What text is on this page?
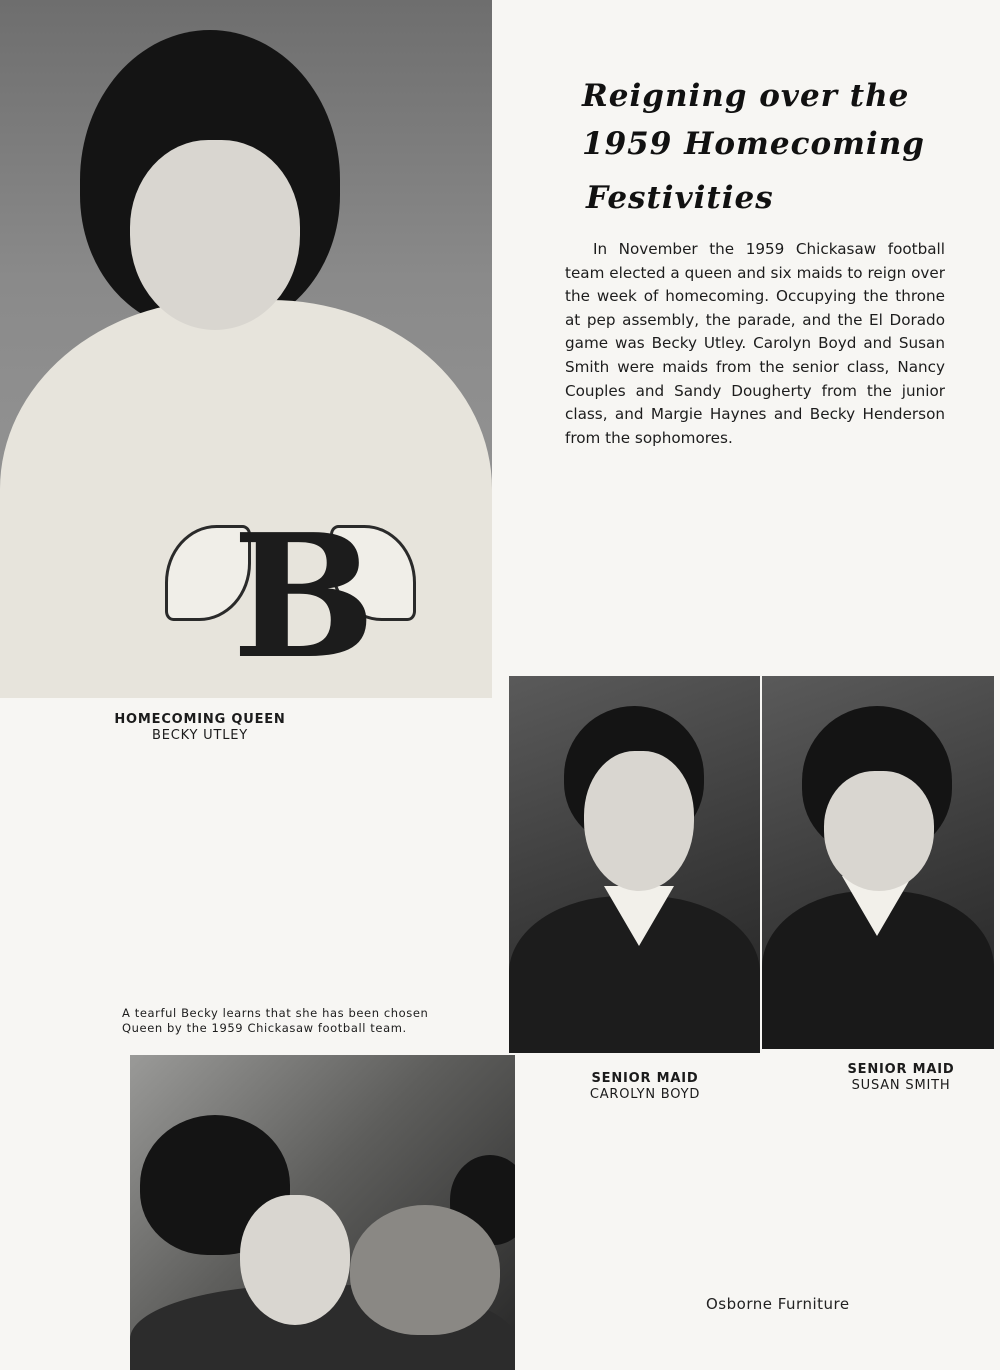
B
Reigning over the
1959 Homecoming
Festivities
In November the 1959 Chickasaw football team elected a queen and six maids to reign over the week of homecoming. Occupying the throne at pep assembly, the parade, and the El Dorado game was Becky Utley. Carolyn Boyd and Susan Smith were maids from the senior class, Nancy Couples and Sandy Dougherty from the junior class, and Margie Haynes and Becky Henderson from the sophomores.
HOMECOMING QUEEN
BECKY UTLEY
SENIOR MAID
CAROLYN BOYD
SENIOR MAID
SUSAN SMITH
A tearful Becky learns that she has been chosen Queen by the 1959 Chickasaw football team.
Osborne Furniture
